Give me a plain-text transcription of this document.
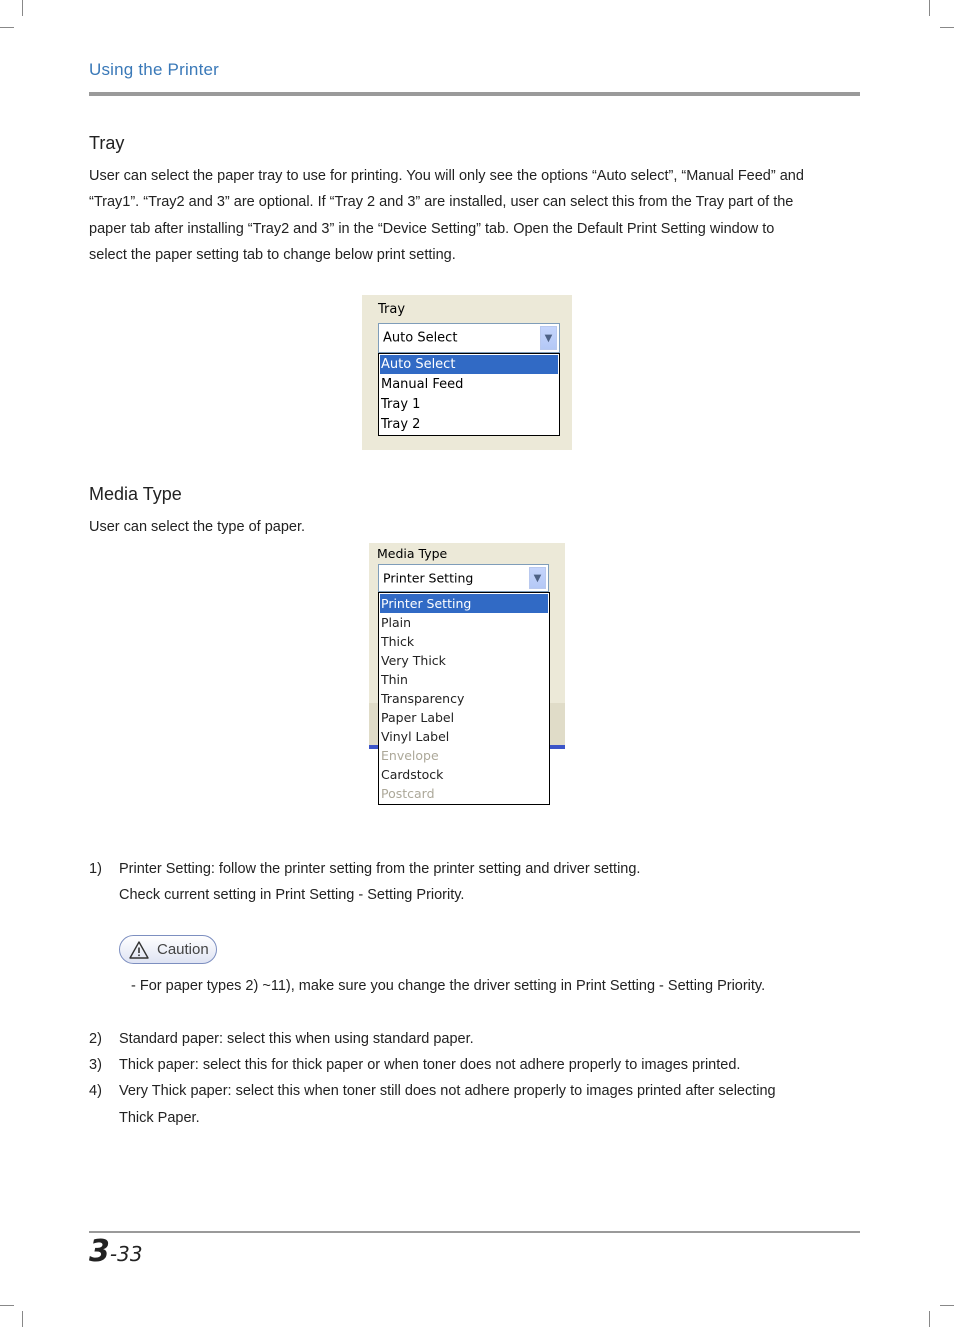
Using the Printer
Tray

User can select the paper tray to use for printing. You will only see the options “Auto select”, “Manual Feed” and “Tray1”. “Tray2 and 3” are optional. If “Tray 2 and 3” are installed, user can select this from the Tray part of the paper tab after installing “Tray2 and 3” in the “Device Setting” tab. Open the Default Print Setting window to select the paper setting tab to change below print setting.

Tray
Auto Select	▼
Auto Select
Manual Feed
Tray 1
Tray 2
Media Type

User can select the type of paper.

Media Type
Printer Setting	▼
Printer Setting
Plain
Thick
Very Thick
Thin
Transparency
Paper Label
Vinyl Label
Envelope
Cardstock
Postcard

1) Printer Setting: follow the printer setting from the printer setting and driver setting.

Check current setting in Print Setting - Setting Priority.

Caution

- For paper types 2) ~11), make sure you change the driver setting in Print Setting - Setting Priority.

2) Standard paper: select this when using standard paper.

3) Thick paper: select this for thick paper or when toner does not adhere properly to images printed.

4) Very Thick paper: select this when toner still does not adhere properly to images printed after selecting

Thick Paper.

3-33
